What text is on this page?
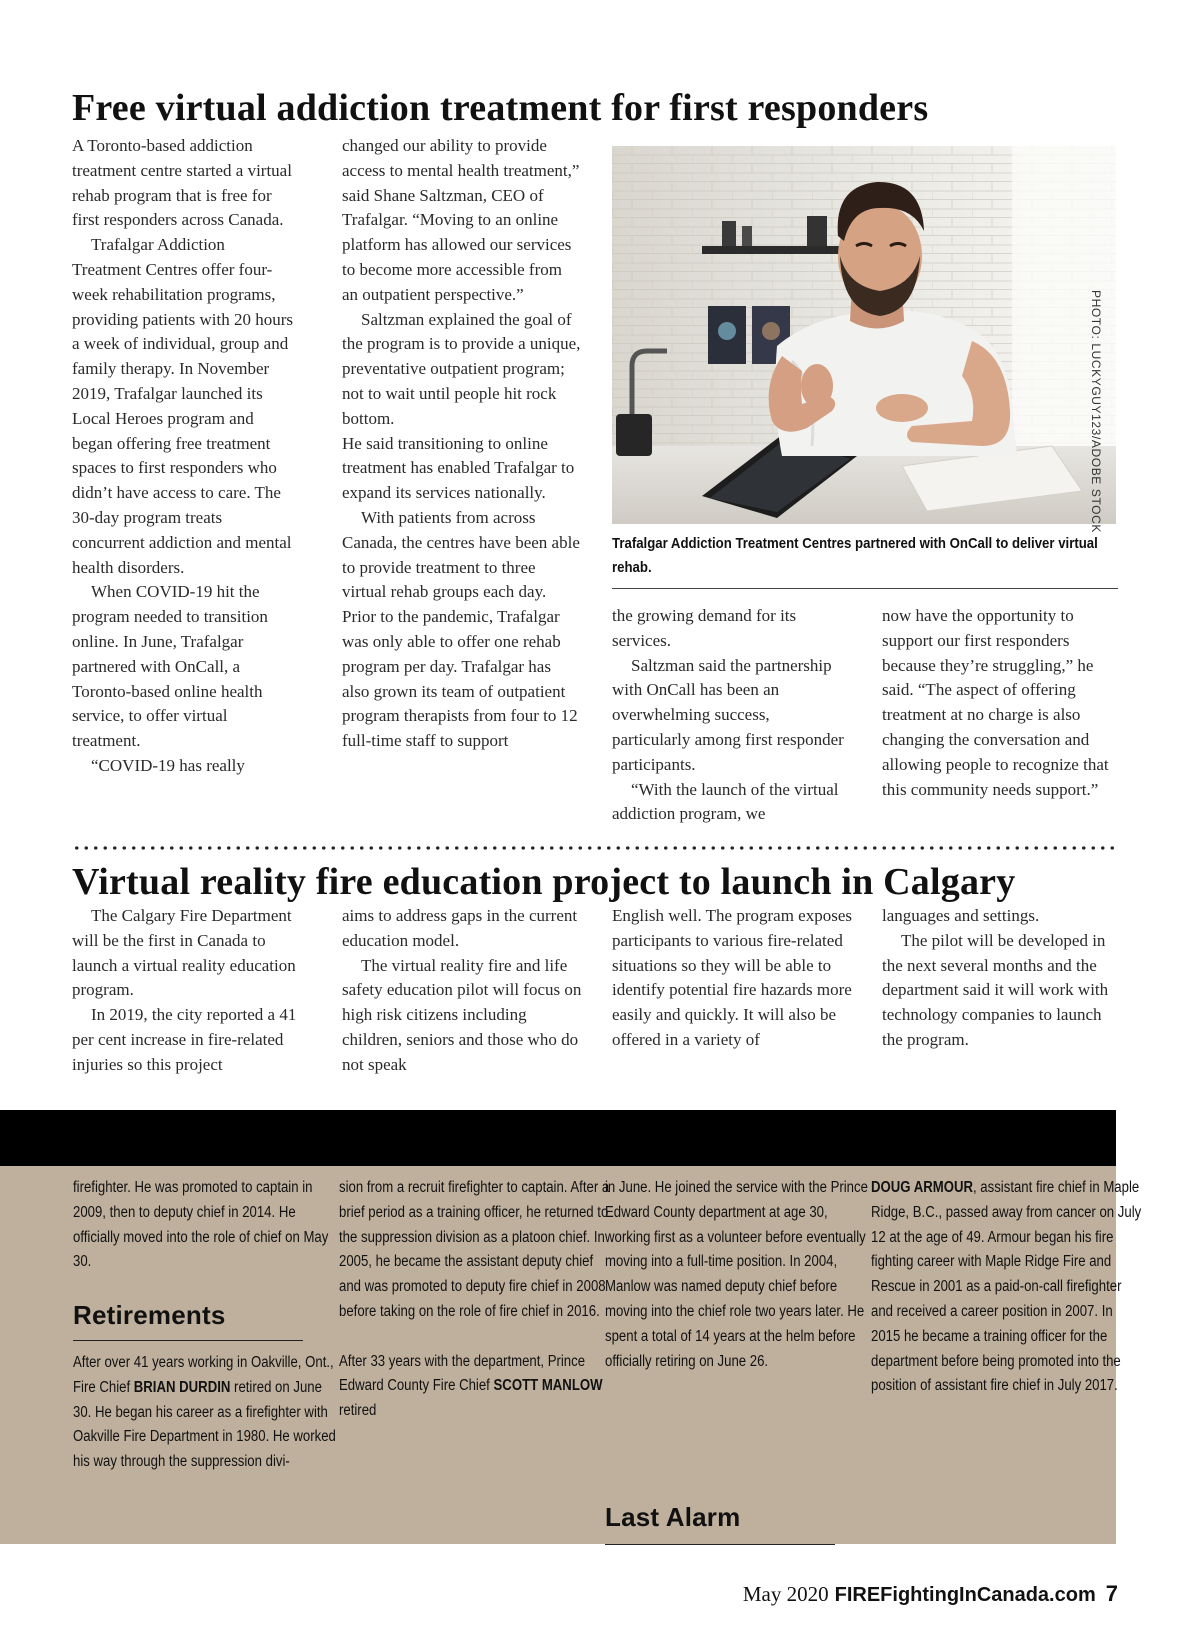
Free virtual addiction treatment for first responders

A Toronto-based addiction treatment centre started a virtual rehab program that is free for first responders across Canada.

Trafalgar Addiction Treatment Centres offer four-week rehabilitation programs, providing patients with 20 hours a week of individual, group and family therapy. In November 2019, Trafalgar launched its Local Heroes program and began offering free treatment spaces to first responders who didn’t have access to care. The 30-day program treats concurrent addiction and mental health disorders.

When COVID-19 hit the program needed to transition online. In June, Trafalgar partnered with OnCall, a Toronto-based online health service, to offer virtual treatment.

“COVID-19 has really

changed our ability to provide access to mental health treatment,” said Shane Saltzman, CEO of Trafalgar. “Moving to an online platform has allowed our services to become more accessible from an outpatient perspective.”

Saltzman explained the goal of the program is to provide a unique, preventative outpatient program; not to wait until people hit rock bottom.

He said transitioning to online treatment has enabled Trafalgar to expand its services nationally.

With patients from across Canada, the centres have been able to provide treatment to three virtual rehab groups each day. Prior to the pandemic, Trafalgar was only able to offer one rehab program per day. Trafalgar has also grown its team of outpatient program therapists from four to 12 full-time staff to support

PHOTO: LUCKYGUY123/ADOBE STOCK
Trafalgar Addiction Treatment Centres partnered with OnCall to deliver virtual rehab.

the growing demand for its services.

Saltzman said the partnership with OnCall has been an overwhelming success, particularly among first responder participants.

“With the launch of the virtual addiction program, we

now have the opportunity to support our first responders because they’re struggling,” he said. “The aspect of offering treatment at no charge is also changing the conversation and allowing people to recognize that this community needs support.”

Virtual reality fire education project to launch in Calgary

The Calgary Fire Department will be the first in Canada to launch a virtual reality education program.

In 2019, the city reported a 41 per cent increase in fire-related injuries so this project

aims to address gaps in the current education model.

The virtual reality fire and life safety education pilot will focus on high risk citizens including children, seniors and those who do not speak

English well. The program exposes participants to various fire-related situations so they will be able to identify potential fire hazards more easily and quickly. It will also be offered in a variety of

languages and settings.

The pilot will be developed in the next several months and the department said it will work with technology companies to launch the program.

firefighter. He was promoted to captain in 2009, then to deputy chief in 2014. He officially moved into the role of chief on May 30.

Retirements

After over 41 years working in Oakville, Ont., Fire Chief BRIAN DURDIN retired on June 30. He began his career as a firefighter with Oakville Fire Department in 1980. He worked his way through the suppression divi-

sion from a recruit firefighter to captain. After a brief period as a training officer, he returned to the suppression division as a platoon chief. In 2005, he became the assistant deputy chief and was promoted to deputy fire chief in 2008 before taking on the role of fire chief in 2016.

After 33 years with the department, Prince Edward County Fire Chief SCOTT MANLOW retired

in June. He joined the service with the Prince Edward County department at age 30, working first as a volunteer before eventually moving into a full-time position. In 2004, Manlow was named deputy chief before moving into the chief role two years later. He spent a total of 14 years at the helm before officially retiring on June 26.

Last Alarm

DOUG ARMOUR, assistant fire chief in Maple Ridge, B.C., passed away from cancer on July 12 at the age of 49. Armour began his fire fighting career with Maple Ridge Fire and Rescue in 2001 as a paid-on-call firefighter and received a career position in 2007. In 2015 he became a training officer for the department before being promoted into the position of assistant fire chief in July 2017.

May 2020 FIREFightingInCanada.com 7
